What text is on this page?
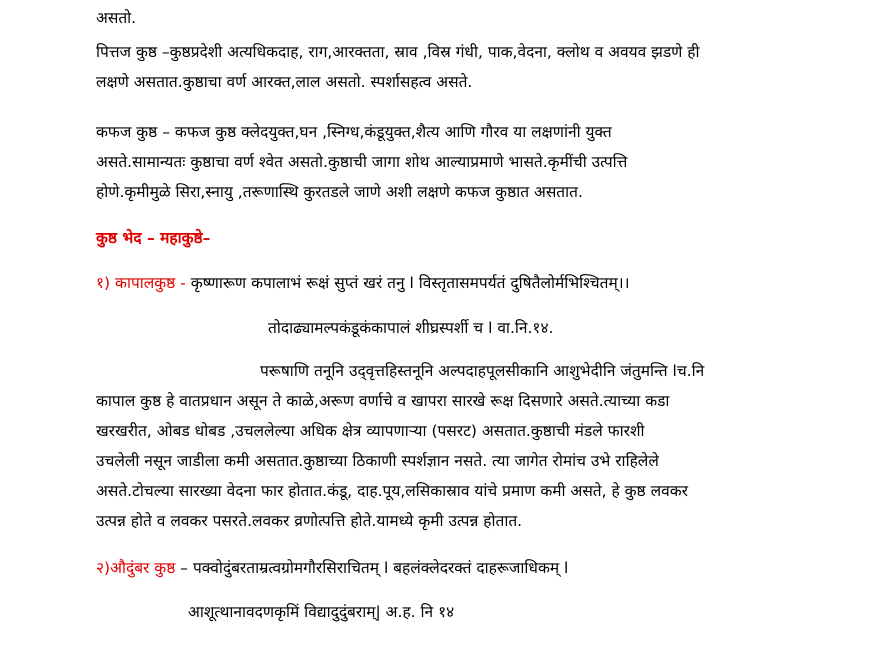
असतो.
पित्तज कुष्ठ –कुष्ठप्रदेशी अत्यधिकदाह, राग,आरक्तता, स्राव ,विस्र गंधी, पाक,वेदना, क्लोथ व अवयव झडणे ही
लक्षणे असतात.कुष्ठाचा वर्ण आरक्त,लाल असतो. स्पर्शासहत्व असते.
कफज कुष्ठ – कफज कुष्ठ क्लेदयुक्त,घन ,स्निग्ध,कंडूयुक्त,शैत्य आणि गौरव या लक्षणांनी युक्त
असते.सामान्यतः कुष्ठाचा वर्ण श्वेत असतो.कुष्ठाची जागा शोथ आल्याप्रमाणे भासते.कृमींची उत्पत्ति
होणे.कृमीमुळे सिरा,स्नायु ,तरूणास्थि कुरतडले जाणे अशी लक्षणे कफज कुष्ठात असतात.
कुष्ठ भेद – महाकुष्ठे–
१) कापालकुष्ठ - कृष्णारूण कपालाभं रूक्षं सुप्तं खरं तनु l विस्तृतासमपर्यतं दुषितैलोर्मभिश्चितम्।।
तोदाढ्यामल्पकंडूकंकापालं शीघ्रस्पर्शी च l वा.नि.१४.
परूषाणि तनूनि उद्‌वृत्तहिस्तनूनि अल्पदाहपूलसीकानि आशुभेदीनि जंतुमन्ति lच.नि
कापाल कुष्ठ हे वातप्रधान असून ते काळे,अरूण वर्णाचे व खापरा सारखे रूक्ष दिसणारे असते.त्याच्या कडा
खरखरीत, ओबड धोबड ,उचललेल्या अधिक क्षेत्र व्यापणाऱ्या (पसरट) असतात.कुष्ठाची मंडले फारशी
उचलेली नसून जाडीला कमी असतात.कुष्ठाच्या ठिकाणी स्पर्शज्ञान नसते. त्या जागेत रोमांच उभे राहिलेले
असते.टोचल्या सारख्या वेदना फार होतात.कंडू, दाह.पूय,लसिकास्राव यांचे प्रमाण कमी असते, हे कुष्ठ लवकर
उत्पन्न होते व लवकर पसरते.लवकर व्रणोत्पत्ति होते.यामध्ये कृमी उत्पन्न होतात.
२)औदुंबर कुष्ठ – पक्वोदुंबरताम्रत्वग्रोमगौरसिराचितम् l बहलंक्लेदरक्तं दाहरूजाधिकम् l
आशूत्थानावदणकृमिं विद्यादुदुंबराम्| अ.ह. नि १४
